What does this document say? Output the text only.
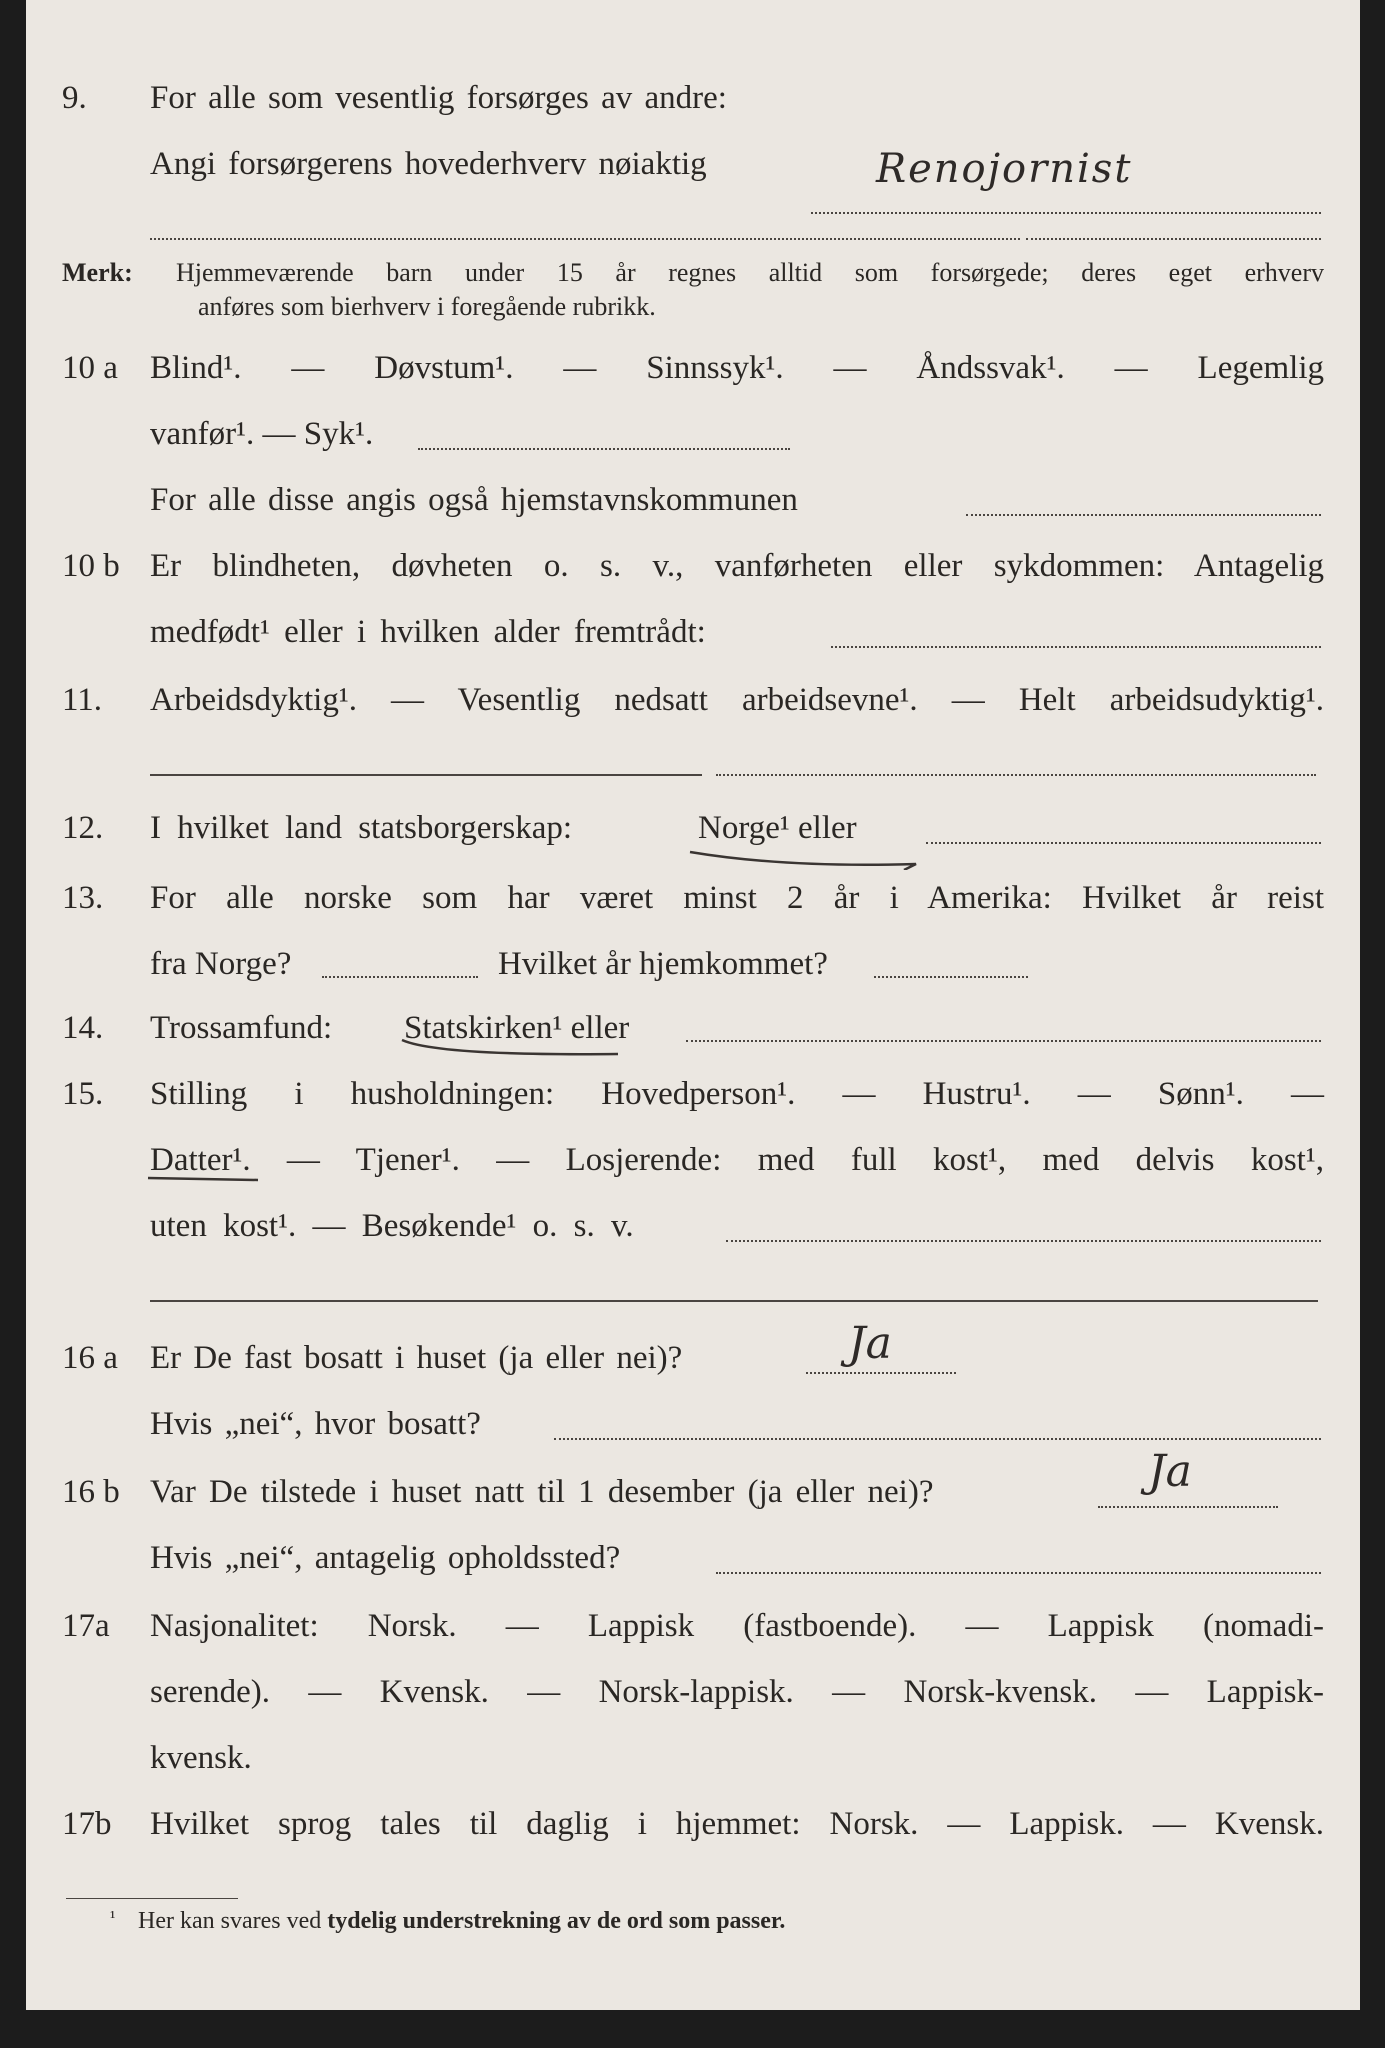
9. For alle som vesentlig forsørges av andre:
Angi forsørgerens hovederhverv nøiaktig	Renojornist
Merk: Hjemmeværende barn under 15 år regnes alltid som forsørgede; deres eget erhverv
anføres som bierhverv i foregående rubrikk.
10 a Blind¹. — Døvstum¹. — Sinnssyk¹. — Åndssvak¹. — Legemlig
vanfør¹. — Syk¹.
For alle disse angis også hjemstavnskommunen
10 b Er blindheten, døvheten o. s. v., vanførheten eller sykdommen: Antagelig
medfødt¹ eller i hvilken alder fremtrådt:
11. Arbeidsdyktig¹. — Vesentlig nedsatt arbeidsevne¹. — Helt arbeidsudyktig¹.
12. I hvilket land statsborgerskap:	Norge¹ eller
13. For alle norske som har været minst 2 år i Amerika: Hvilket år reist
fra Norge?	Hvilket år hjemkommet?
14. Trossamfund:	Statskirken¹ eller
15. Stilling i husholdningen: Hovedperson¹. — Hustru¹. — Sønn¹. —
Datter¹. — Tjener¹. — Losjerende: med full kost¹, med delvis kost¹,
uten kost¹. — Besøkende¹ o. s. v.
16 a Er De fast bosatt i huset (ja eller nei)?	Ja
Hvis „nei“, hvor bosatt?
16 b Var De tilstede i huset natt til 1 desember (ja eller nei)?	Ja
Hvis „nei“, antagelig opholdssted?
17a Nasjonalitet: Norsk. — Lappisk (fastboende). — Lappisk (nomadi-
serende). — Kvensk. — Norsk-lappisk. — Norsk-kvensk. — Lappisk-
kvensk.
17b Hvilket sprog tales til daglig i hjemmet: Norsk. — Lappisk. — Kvensk.
¹ Her kan svares ved tydelig understrekning av de ord som passer.
